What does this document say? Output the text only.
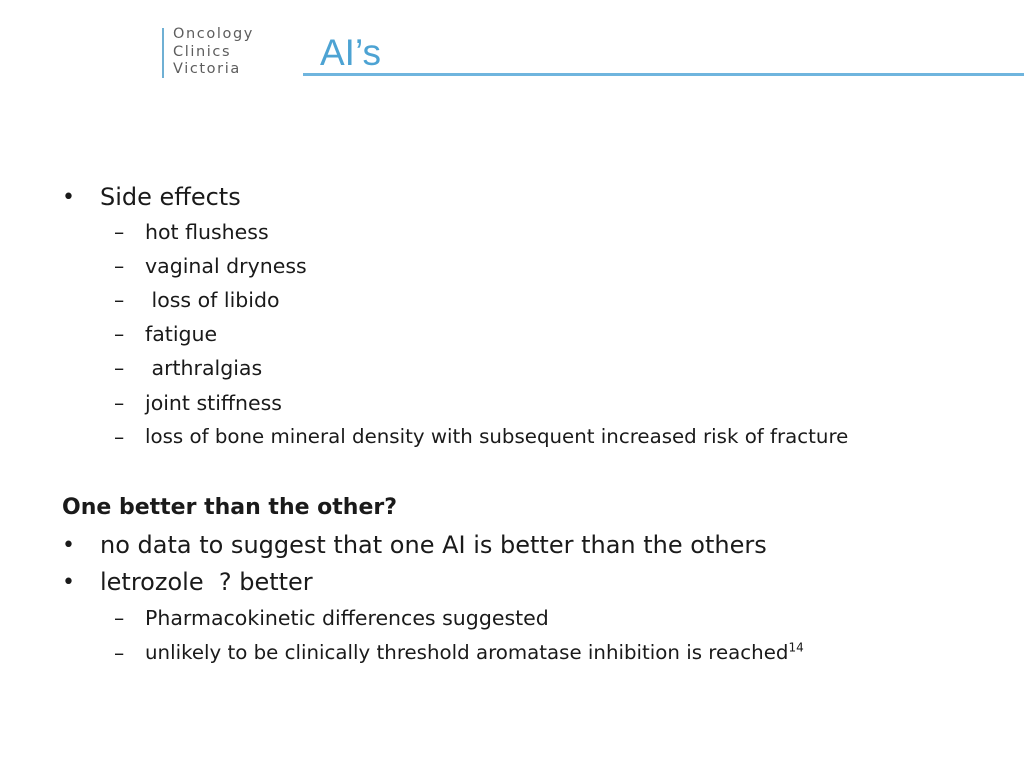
Oncology
Clinics
Victoria	AI’s
• Side effects
– hot flushess
– vaginal dryness
– loss of libido
– fatigue
– arthralgias
– joint stiffness
– loss of bone mineral density with subsequent increased risk of fracture
One better than the other?
• no data to suggest that one AI is better than the others
• letrozole  ? better
– Pharmacokinetic differences suggested
– unlikely to be clinically threshold aromatase inhibition is reached$^{14}$
